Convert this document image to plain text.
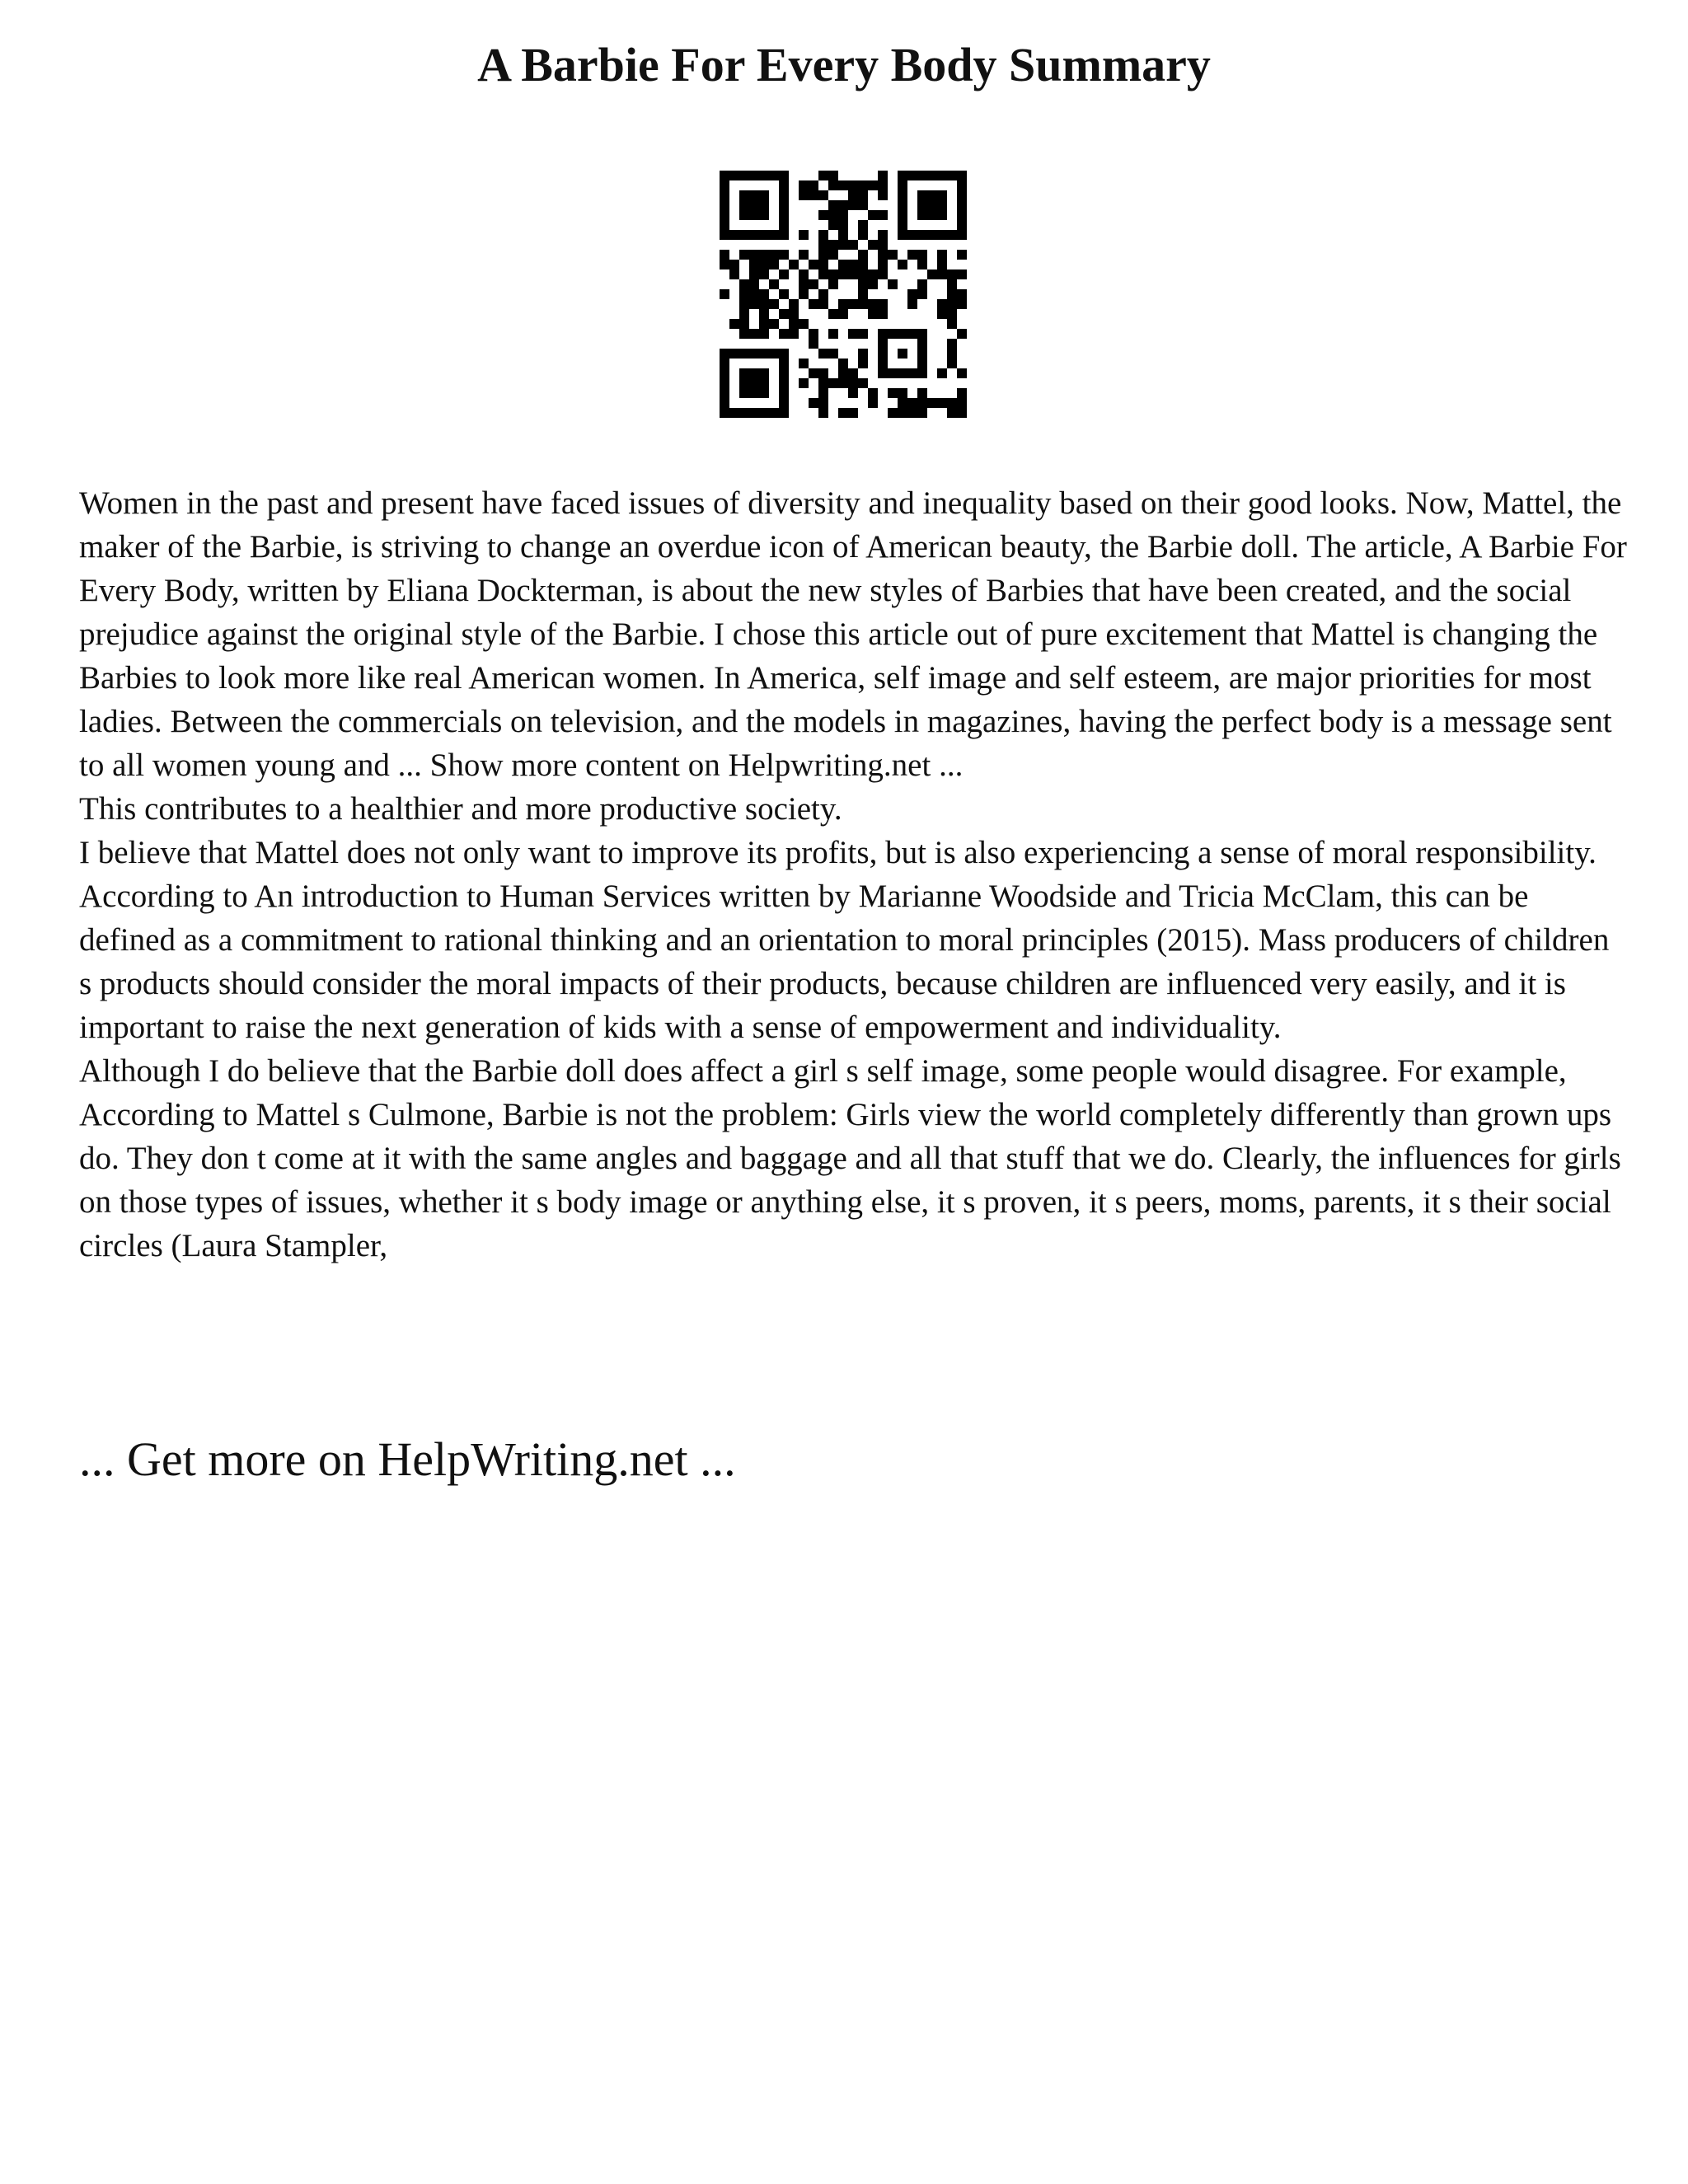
A Barbie For Every Body Summary

Women in the past and present have faced issues of diversity and inequality based on their good looks. Now, Mattel, the maker of the Barbie, is striving to change an overdue icon of American beauty, the Barbie doll. The article, A Barbie For Every Body, written by Eliana Dockterman, is about the new styles of Barbies that have been created, and the social prejudice against the original style of the Barbie. I chose this article out of pure excitement that Mattel is changing the Barbies to look more like real American women. In America, self image and self esteem, are major priorities for most ladies. Between the commercials on television, and the models in magazines, having the perfect body is a message sent to all women young and ... Show more content on Helpwriting.net ...

This contributes to a healthier and more productive society.

I believe that Mattel does not only want to improve its profits, but is also experiencing a sense of moral responsibility. According to An introduction to Human Services written by Marianne Woodside and Tricia McClam, this can be defined as a commitment to rational thinking and an orientation to moral principles (2015). Mass producers of children s products should consider the moral impacts of their products, because children are influenced very easily, and it is important to raise the next generation of kids with a sense of empowerment and individuality.

Although I do believe that the Barbie doll does affect a girl s self image, some people would disagree. For example,

According to Mattel s Culmone, Barbie is not the problem: Girls view the world completely differently than grown ups do. They don t come at it with the same angles and baggage and all that stuff that we do. Clearly, the influences for girls on those types of issues, whether it s body image or anything else, it s proven, it s peers, moms, parents, it s their social circles (Laura Stampler,

... Get more on HelpWriting.net ...
